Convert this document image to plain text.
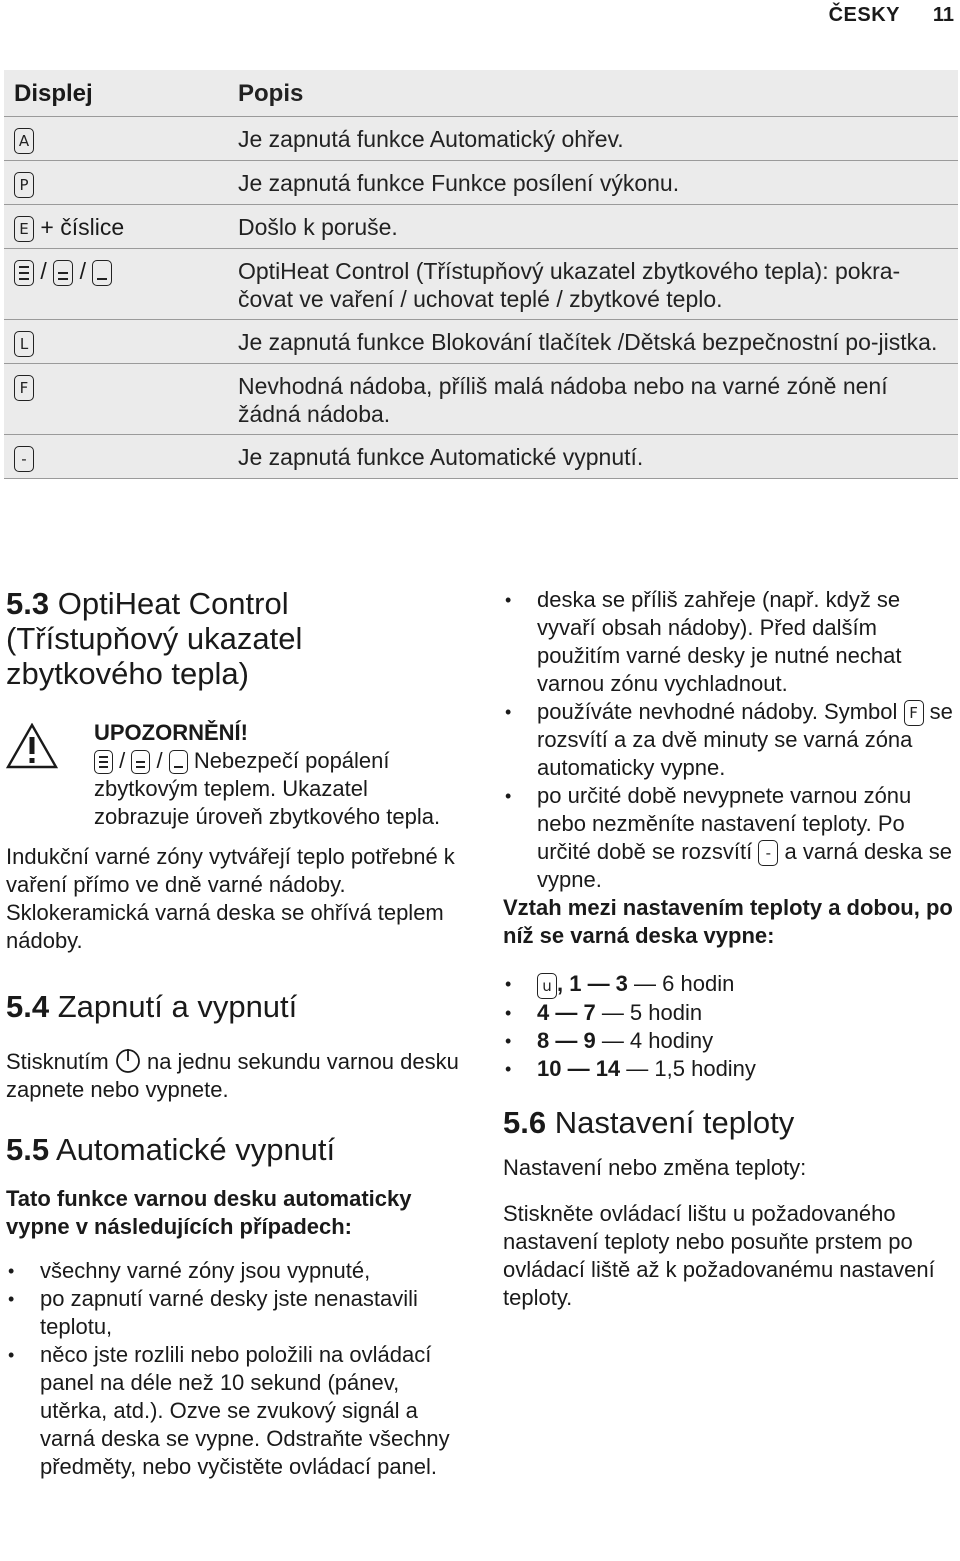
ČESKY 11
Displej	Popis
A	Je zapnutá funkce Automatický ohřev.
P	Je zapnutá funkce Funkce posílení výkonu.
E + číslice	Došlo k poruše.

/ /	OptiHeat Control (Třístupňový ukazatel zbytkového tepla): pokra-čovat ve vaření / uchovat teplé / zbytkové teplo.
L	Je zapnutá funkce Blokování tlačítek /Dětská bezpečnostní po-jistka.
F	Nevhodná nádoba, příliš malá nádoba nebo na varné zóně není žádná nádoba.
-	Je zapnutá funkce Automatické vypnutí.
5.3 OptiHeat Control (Třístupňový ukazatel zbytkového tepla)
UPOZORNĚNÍ!

/
/
Nebezpečí popálení zbytkovým teplem. Ukazatel zobrazuje úroveň zbytkového tepla.

Indukční varné zóny vytvářejí teplo potřebné k vaření přímo ve dně varné nádoby. Sklokeramická varná deska se ohřívá teplem nádoby.

5.4 Zapnutí a vypnutí

Stisknutím na jednu sekundu varnou desku zapnete nebo vypnete.

5.5 Automatické vypnutí

Tato funkce varnou desku automaticky vypne v následujících případech:

• všechny varné zóny jsou vypnuté,
• po zapnutí varné desky jste nenastavili teplotu,
• něco jste rozlili nebo položili na ovládací panel na déle než 10 sekund (pánev, utěrka, atd.). Ozve se zvukový signál a varná deska se vypne. Odstraňte všechny předměty, nebo vyčistěte ovládací panel.
• deska se příliš zahřeje (např. když se vyvaří obsah nádoby). Před dalším použitím varné desky je nutné nechat varnou zónu vychladnout.
• používáte nevhodné nádoby. Symbol F se rozsvítí a za dvě minuty se varná zóna automaticky vypne.
• po určité době nevypnete varnou zónu nebo nezměníte nastavení teploty. Po určité době se rozsvítí - a varná deska se vypne.

Vztah mezi nastavením teploty a dobou, po níž se varná deska vypne:

• u , 1 — 3 — 6 hodin
• 4 — 7 — 5 hodin
• 8 — 9 — 4 hodiny
• 10 — 14 — 1,5 hodiny
5.6 Nastavení teploty

Nastavení nebo změna teploty:

Stiskněte ovládací lištu u požadovaného nastavení teploty nebo posuňte prstem po ovládací liště až k požadovanému nastavení teploty.
